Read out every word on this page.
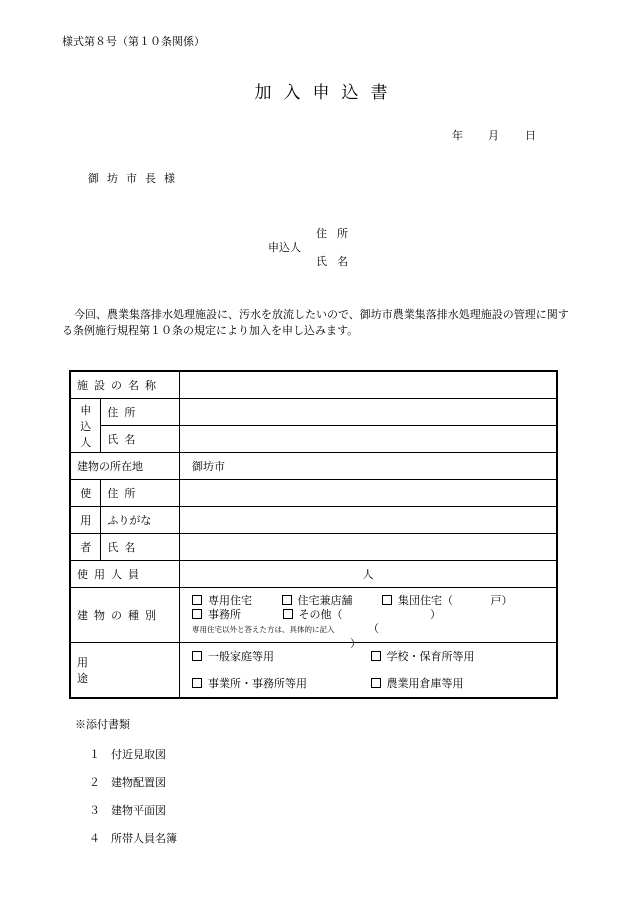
様式第８号（第１０条関係）
加入申込書
年 月 日
御坊市長様
住所
申込人
氏名
今回、農業集落排水処理施設に、汚水を放流したいので、御坊市農業集落排水処理施設の管理に関する条例施行規程第１０条の規定により加入を申し込みます。
施設の名称		

申
込
人	住所	
	氏名	
建物の所在地		御坊市
使	住所	
用	ふりがな	
者	氏名	
使用人員		人
建物の種別		専用住宅 住宅兼店舗 集団住宅（ 戸）
事務所 その他（ ）
専用住宅以外と答えた方は、具体的に記入 （ ）

用途		一般家庭等用 学校・保育所等用
事業所・事務所等用 農業用倉庫等用
※添付書類
１ 付近見取図
２ 建物配置図
３ 建物平面図
４ 所帯人員名簿
